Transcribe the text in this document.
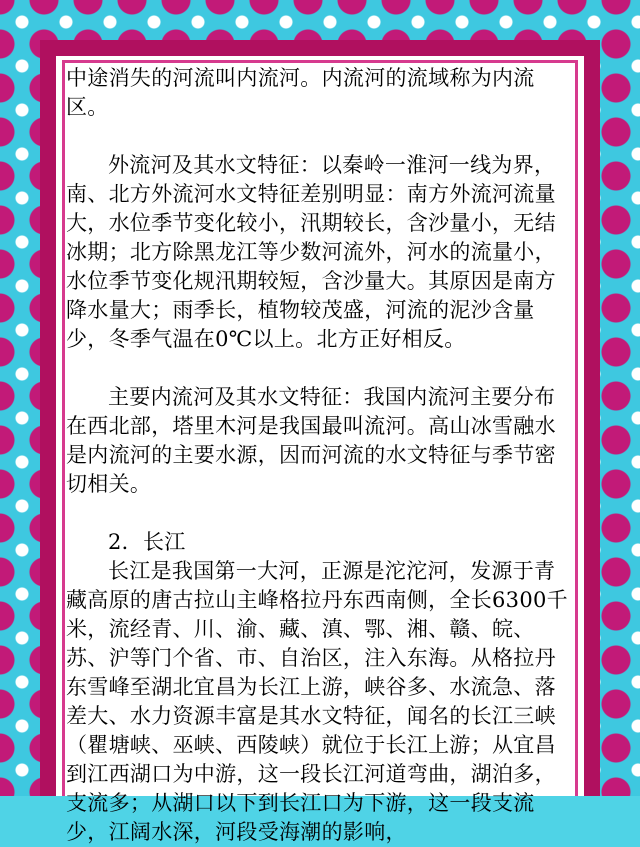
中途消失的河流叫内流河。内流河的流域称为内流区。

外流河及其水文特征：以秦岭一淮河一线为界，南、北方外流河水文特征差别明显：南方外流河流量大，水位季节变化较小，汛期较长，含沙量小，无结冰期；北方除黑龙江等少数河流外，河水的流量小，水位季节变化规汛期较短，含沙量大。其原因是南方降水量大；雨季长，植物较茂盛，河流的泥沙含量少，冬季气温在0℃以上。北方正好相反。

主要内流河及其水文特征：我国内流河主要分布在西北部，塔里木河是我国最叫流河。高山冰雪融水是内流河的主要水源，因而河流的水文特征与季节密切相关。

2．长江

长江是我国第一大河，正源是沱沱河，发源于青藏高原的唐古拉山主峰格拉丹东西南侧，全长6300千米，流经青、川、渝、藏、滇、鄂、湘、赣、皖、苏、沪等门个省、市、自治区，注入东海。从格拉丹东雪峰至湖北宜昌为长江上游，峡谷多、水流急、落差大、水力资源丰富是其水文特征，闻名的长江三峡（瞿塘峡、巫峡、西陵峡）就位于长江上游；从宜昌到江西湖口为中游，这一段长江河道弯曲，湖泊多，支流多；从湖口以下到长江口为下游，这一段支流少，江阔水深，河段受海潮的影响，
